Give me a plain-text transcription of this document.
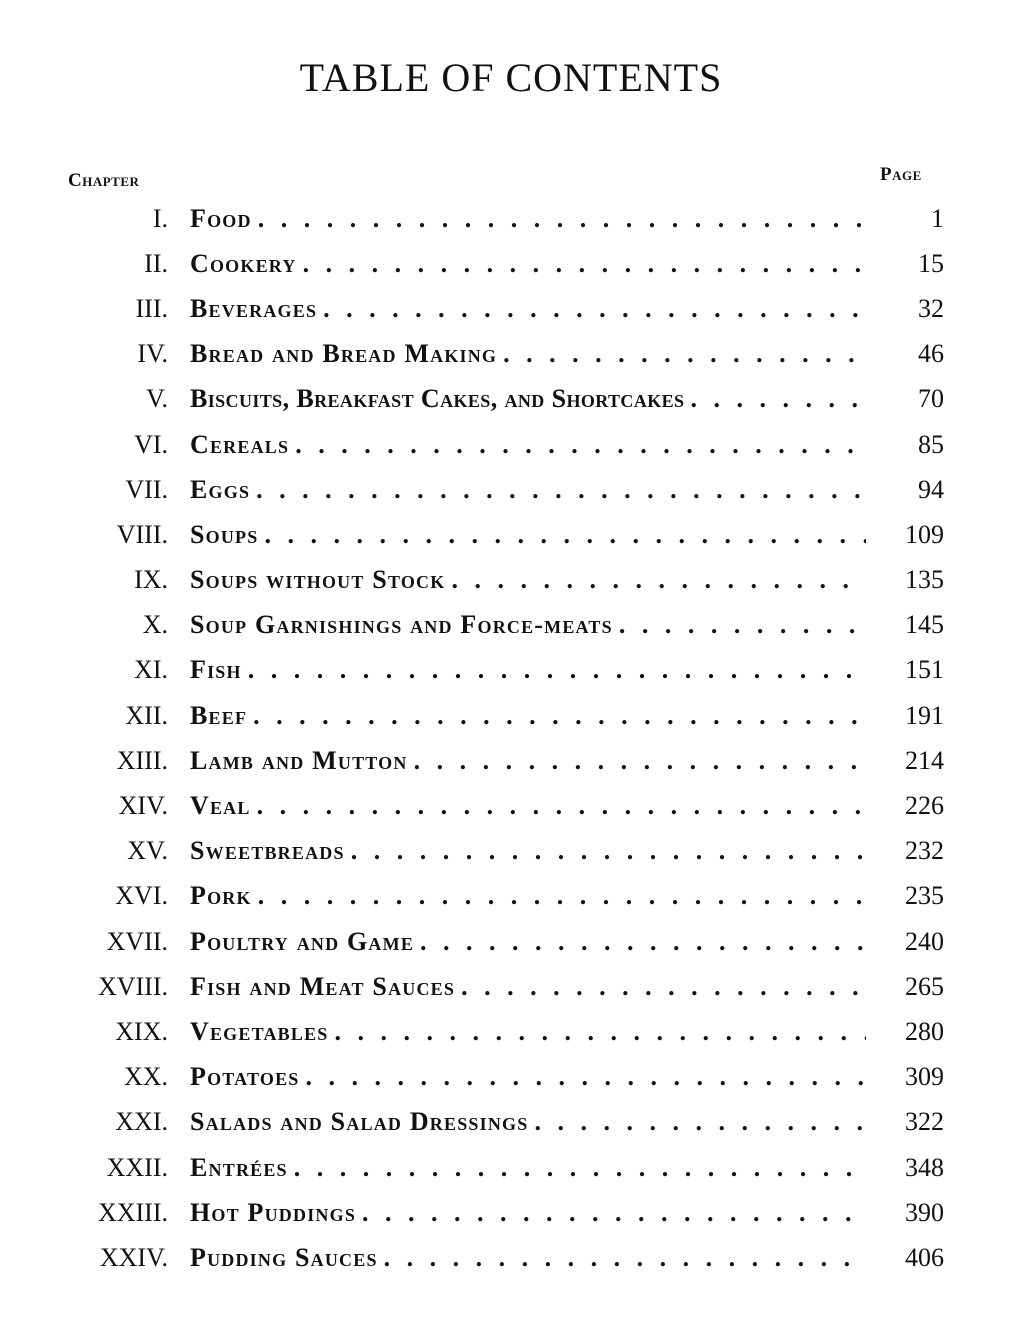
TABLE OF CONTENTS
Chapter	Page
I. Food . . .	1
II. Cookery . . .	15
III. Beverages . . .	32
IV. Bread and Bread Making . . .	46
V. Biscuits, Breakfast Cakes, and Shortcakes . . .	70
VI. Cereals . . .	85
VII. Eggs . . .	94
VIII. Soups . . .	109
IX. Soups without Stock . . .	135
X. Soup Garnishings and Force-meats . . .	145
XI. Fish . . .	151
XII. Beef . . .	191
XIII. Lamb and Mutton . . .	214
XIV. Veal . . .	226
XV. Sweetbreads . . .	232
XVI. Pork . . .	235
XVII. Poultry and Game . . .	240
XVIII. Fish and Meat Sauces . . .	265
XIX. Vegetables . . .	280
XX. Potatoes . . .	309
XXI. Salads and Salad Dressings . . .	322
XXII. Entrées . . .	348
XXIII. Hot Puddings . . .	390
XXIV. Pudding Sauces . . .	406
